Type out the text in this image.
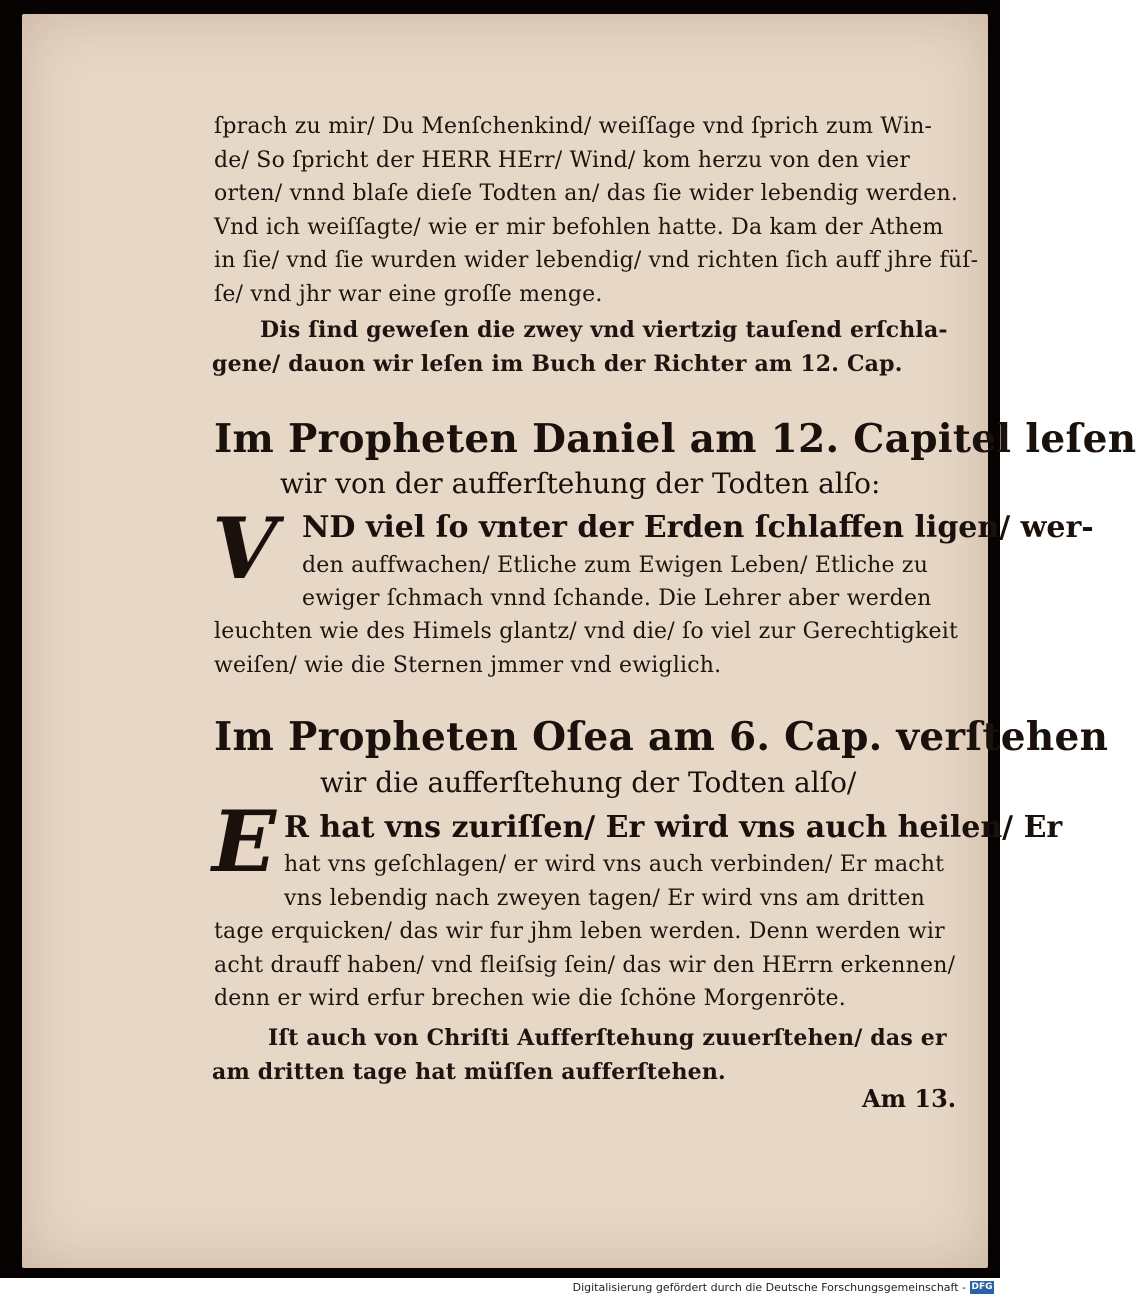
ſprach zu mir/ Du Menſchenkind/ weiſſage vnd ſprich zum Win-
de/ So ſpricht der HERR HErr/ Wind/ kom herzu von den vier
orten/ vnnd blaſe dieſe Todten an/ das ſie wider lebendig werden.
Vnd ich weiſſagte/ wie er mir befohlen hatte. Da kam der Athem
in ſie/ vnd ſie wurden wider lebendig/ vnd richten ſich auff jhre füſ-
ſe/ vnd jhr war eine groſſe menge.
Dis ſind geweſen die zwey vnd viertzig tauſend erſchla-
gene/ dauon wir leſen im Buch der Richter am 12. Cap.
Im Propheten Daniel am 12. Capitel leſen
wir von der aufferſtehung der Todten alſo:
V ND viel ſo vnter der Erden ſchlaffen ligen/ wer-
den auffwachen/ Etliche zum Ewigen Leben/ Etliche zu
ewiger ſchmach vnnd ſchande. Die Lehrer aber werden
leuchten wie des Himels glantz/ vnd die/ ſo viel zur Gerechtigkeit
weiſen/ wie die Sternen jmmer vnd ewiglich.
Im Propheten Oſea am 6. Cap. verſtehen
wir die aufferſtehung der Todten alſo/
E R hat vns zuriſſen/ Er wird vns auch heilen/ Er
hat vns geſchlagen/ er wird vns auch verbinden/ Er macht
vns lebendig nach zweyen tagen/ Er wird vns am dritten
tage erquicken/ das wir fur jhm leben werden. Denn werden wir
acht drauff haben/ vnd fleiſsig ſein/ das wir den HErrn erkennen/
denn er wird erfur brechen wie die ſchöne Morgenröte.
Iſt auch von Chriſti Aufferſtehung zuuerſtehen/ das er
am dritten tage hat müſſen aufferſtehen.
Am 13.
Digitalisierung gefördert durch die Deutsche Forschungsgemeinschaft - DFG
